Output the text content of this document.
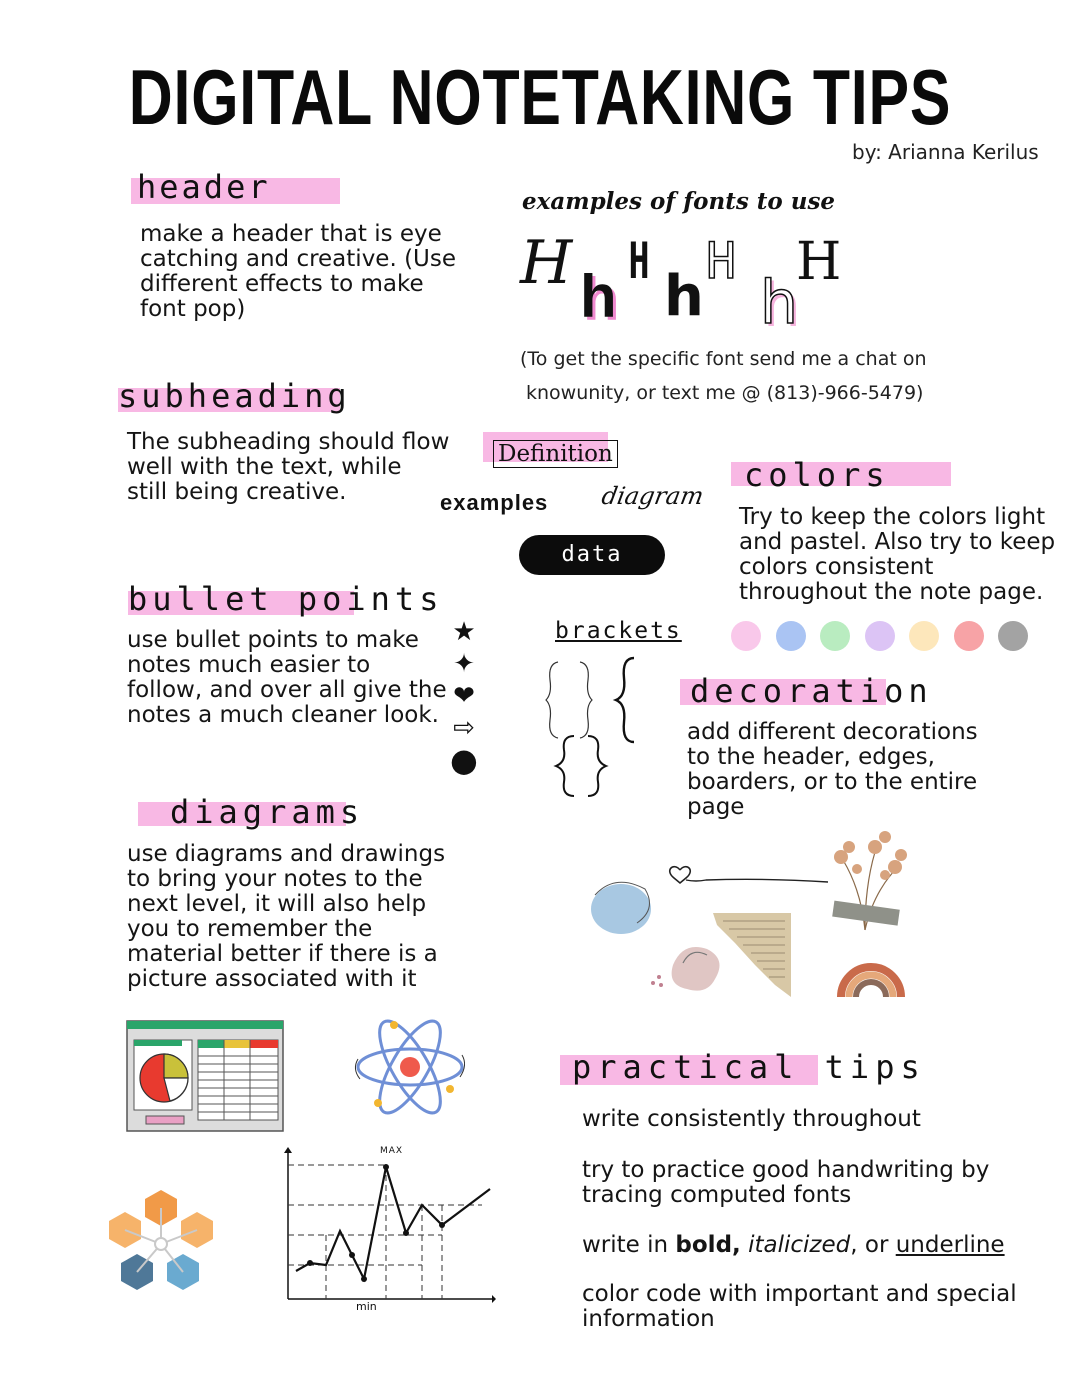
DIGITAL NOTETAKING TIPS
by: Arianna Kerilus
header
make a header that is eye
catching and creative. (Use
different effects to make
font pop)
examples of fonts to use
H h
H
h
H
h
H
(To get the specific font send me a chat on
knowunity, or text me @ (813)-966-5479)
subheading
The subheading should flow
well with the text, while
still being creative.
Definition
examples diagram
data
colors
Try to keep the colors light
and pastel. Also try to keep
colors consistent
throughout the note page.
bullet points
use bullet points to make
notes much easier to
follow, and over all give the
notes a much cleaner look.
★
✦
❤
⇨
●
brackets
decoration
add different decorations
to the header, edges,
boarders, or to the entire
page
diagrams
use diagrams and drawings
to bring your notes to the
next level, it will also help
you to remember the
material better if there is a
picture associated with it
MAX
min
practical tips
write consistently throughout
try to practice good handwriting by
tracing computed fonts
write in bold, italicized, or underline
color code with important and special
information
